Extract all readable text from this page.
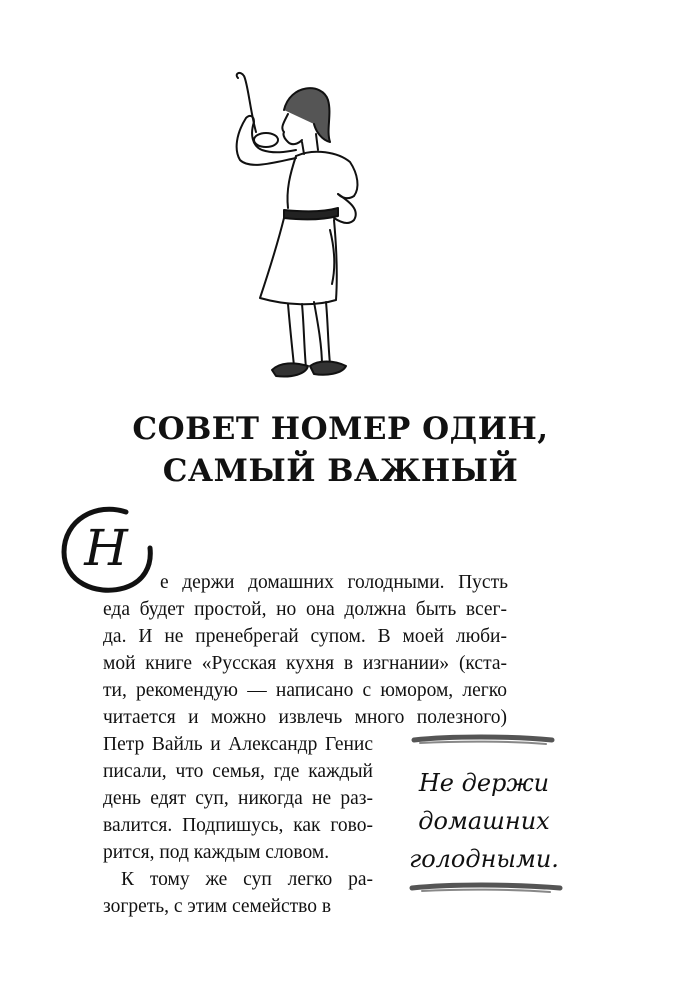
СОВЕТ НОМЕР ОДИН,
САМЫЙ ВАЖНЫЙ
Н
е держи домашних голодными. Пусть
еда будет простой, но она должна быть всег-
да. И не пренебрегай супом. В моей люби-
мой книге «Русская кухня в изгнании» (кста-
ти, рекомендую — написано с юмором, легко
читается и можно извлечь много полезного)
Петр Вайль и Александр Генис
писали, что семья, где каждый
день едят суп, никогда не раз-
валится. Подпишусь, как гово-
рится, под каждым словом.
К тому же суп легко ра-
зогреть, с этим семейство в
Не держи
домашних
голодными.
